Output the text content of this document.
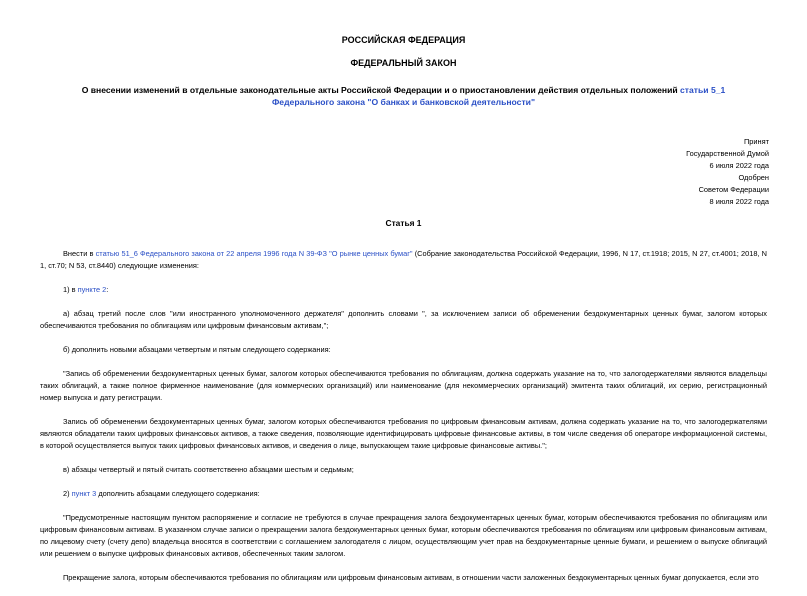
РОССИЙСКАЯ ФЕДЕРАЦИЯ
ФЕДЕРАЛЬНЫЙ ЗАКОН
О внесении изменений в отдельные законодательные акты Российской Федерации и о приостановлении действия отдельных положений статьи 5_1
Федерального закона "О банках и банковской деятельности"
Принят
Государственной Думой
6 июля 2022 года
Одобрен
Советом Федерации
8 июля 2022 года
Статья 1

Внести в статью 51_6 Федерального закона от 22 апреля 1996 года N 39-ФЗ "О рынке ценных бумаг" (Собрание законодательства Российской Федерации, 1996, N 17, ст.1918; 2015, N 27, ст.4001; 2018, N 1, ст.70; N 53, ст.8440) следующие изменения:

1) в пункте 2:

а) абзац третий после слов "или иностранного уполномоченного держателя" дополнить словами ", за исключением записи об обременении бездокументарных ценных бумаг, залогом которых обеспечиваются требования по облигациям или цифровым финансовым активам,";

б) дополнить новыми абзацами четвертым и пятым следующего содержания:

"Запись об обременении бездокументарных ценных бумаг, залогом которых обеспечиваются требования по облигациям, должна содержать указание на то, что залогодержателями являются владельцы таких облигаций, а также полное фирменное наименование (для коммерческих организаций) или наименование (для некоммерческих организаций) эмитента таких облигаций, их серию, регистрационный номер выпуска и дату регистрации.

Запись об обременении бездокументарных ценных бумаг, залогом которых обеспечиваются требования по цифровым финансовым активам, должна содержать указание на то, что залогодержателями являются обладатели таких цифровых финансовых активов, а также сведения, позволяющие идентифицировать цифровые финансовые активы, в том числе сведения об операторе информационной системы, в которой осуществляется выпуск таких цифровых финансовых активов, и сведения о лице, выпускающем такие цифровые финансовые активы.";

в) абзацы четвертый и пятый считать соответственно абзацами шестым и седьмым;

2) пункт 3 дополнить абзацами следующего содержания:

"Предусмотренные настоящим пунктом распоряжение и согласие не требуются в случае прекращения залога бездокументарных ценных бумаг, которым обеспечиваются требования по облигациям или цифровым финансовым активам. В указанном случае записи о прекращении залога бездокументарных ценных бумаг, которым обеспечиваются требования по облигациям или цифровым финансовым активам, по лицевому счету (счету депо) владельца вносятся в соответствии с соглашением залогодателя с лицом, осуществляющим учет прав на бездокументарные ценные бумаги, и решением о выпуске облигаций или решением о выпуске цифровых финансовых активов, обеспеченных таким залогом.

Прекращение залога, которым обеспечиваются требования по облигациям или цифровым финансовым активам, в отношении части заложенных бездокументарных ценных бумаг допускается, если это
